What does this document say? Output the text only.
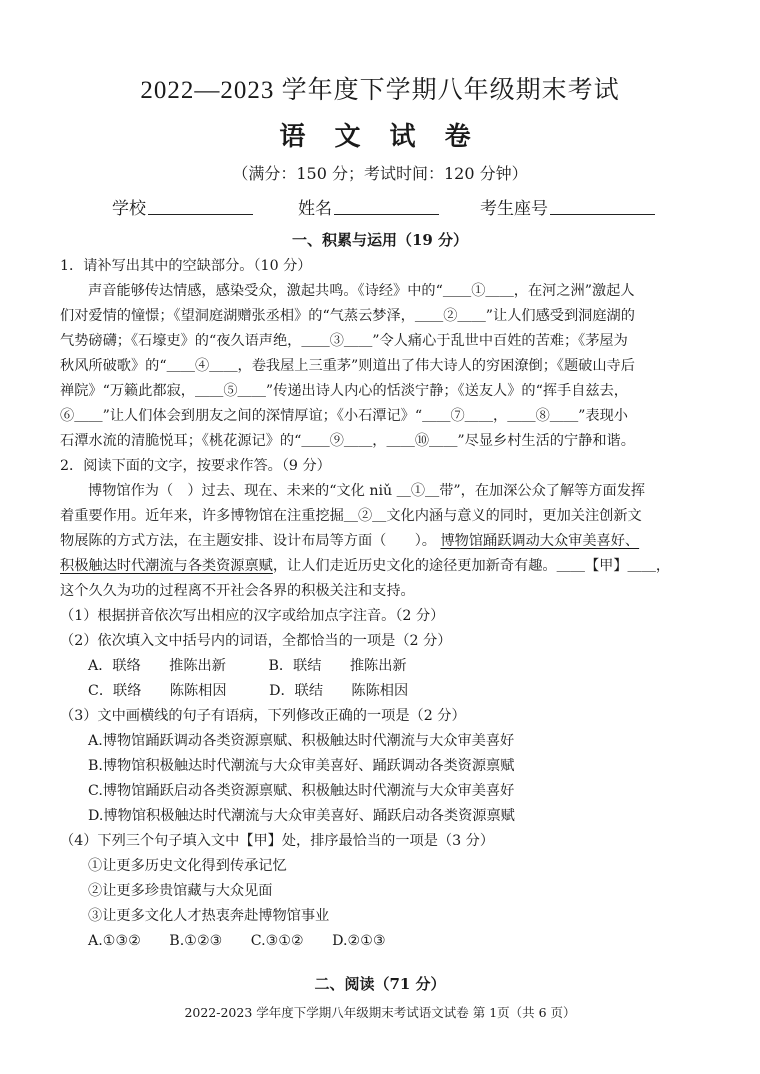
2022—2023 学年度下学期八年级期末考试
语 文 试 卷
（满分：150 分；考试时间：120 分钟）
学校	姓名	考生座号
一、积累与运用（19 分）
1．请补写出其中的空缺部分。（10 分）
声音能够传达情感，感染受众，激起共鸣。《诗经》中的“＿＿①＿＿，在河之洲”激起人
们对爱情的憧憬；《望洞庭湖赠张丞相》的“气蒸云梦泽，＿＿②＿＿”让人们感受到洞庭湖的
气势磅礴；《石壕吏》的“夜久语声绝，＿＿③＿＿”令人痛心于乱世中百姓的苦难；《茅屋为
秋风所破歌》的“＿＿④＿＿，卷我屋上三重茅”则道出了伟大诗人的穷困潦倒；《题破山寺后
禅院》“万籁此都寂，＿＿⑤＿＿”传递出诗人内心的恬淡宁静；《送友人》的“挥手自兹去，
⑥＿＿”让人们体会到朋友之间的深情厚谊；《小石潭记》“＿＿⑦＿＿，＿＿⑧＿＿”表现小
石潭水流的清脆悦耳；《桃花源记》的“＿＿⑨＿＿，＿＿⑩＿＿”尽显乡村生活的宁静和谐。
2．阅读下面的文字，按要求作答。（9 分）
博物馆作为（　）过去、现在、未来的“文化 niǔ ＿①＿带”，在加深公众了解等方面发挥
着重要作用。近年来，许多博物馆在注重挖掘＿②＿文化内涵与意义的同时，更加关注创新文
物展陈的方式方法，在主题安排、设计布局等方面（　　）。 博物馆踊跃调动大众审美喜好、
积极触达时代潮流与各类资源禀赋，让人们走近历史文化的途径更加新奇有趣。＿＿【甲】＿＿，
这个久久为功的过程离不开社会各界的积极关注和支持。
（1）根据拼音依次写出相应的汉字或给加点字注音。（2 分）
（2）依次填入文中括号内的词语，全都恰当的一项是（2 分）
A．联络　　推陈出新　　　B．联结　　推陈出新
C．联络　　陈陈相因　　　D．联结　　陈陈相因
（3）文中画横线的句子有语病，下列修改正确的一项是（2 分）
A.博物馆踊跃调动各类资源禀赋、积极触达时代潮流与大众审美喜好
B.博物馆积极触达时代潮流与大众审美喜好、踊跃调动各类资源禀赋
C.博物馆踊跃启动各类资源禀赋、积极触达时代潮流与大众审美喜好
D.博物馆积极触达时代潮流与大众审美喜好、踊跃启动各类资源禀赋
（4）下列三个句子填入文中【甲】处，排序最恰当的一项是（3 分）
①让更多历史文化得到传承记忆
②让更多珍贵馆藏与大众见面
③让更多文化人才热衷奔赴博物馆事业
A.①③②　　B.①②③　　C.③①②　　D.②①③
二、阅读（71 分）
2022-2023 学年度下学期八年级期末考试语文试卷 第 1页（共 6 页）
